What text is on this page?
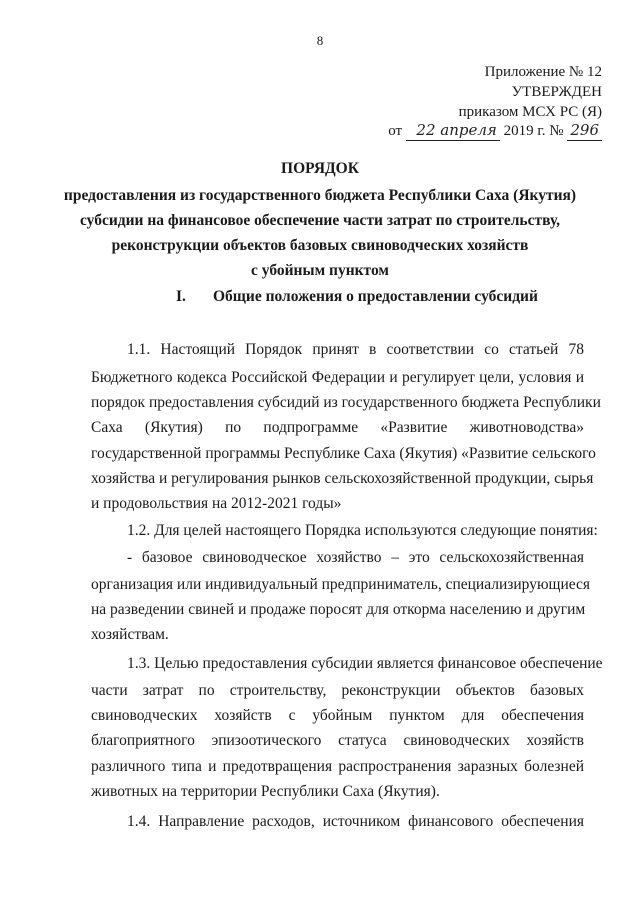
8
Приложение № 12
УТВЕРЖДЕН
приказом МСХ РС (Я)
от 22 апреля 2019 г. № 296
ПОРЯДОК
предоставления из государственного бюджета Республики Саха (Якутия)
субсидии на финансовое обеспечение части затрат по строительству,
реконструкции объектов базовых свиноводческих хозяйств
с убойным пунктом
I. Общие положения о предоставлении субсидий
1.1. Настоящий Порядок принят в соответствии со статьей 78
Бюджетного кодекса Российской Федерации и регулирует цели, условия и
порядок предоставления субсидий из государственного бюджета Республики
Саха (Якутия) по подпрограмме «Развитие животноводства»
государственной программы Республике Саха (Якутия) «Развитие сельского
хозяйства и регулирования рынков сельскохозяйственной продукции, сырья
и продовольствия на 2012-2021 годы»
1.2. Для целей настоящего Порядка используются следующие понятия:
- базовое свиноводческое хозяйство – это сельскохозяйственная
организация или индивидуальный предприниматель, специализирующиеся
на разведении свиней и продаже поросят для откорма населению и другим
хозяйствам.
1.3. Целью предоставления субсидии является финансовое обеспечение
части затрат по строительству, реконструкции объектов базовых
свиноводческих хозяйств с убойным пунктом для обеспечения
благоприятного эпизоотического статуса свиноводческих хозяйств
различного типа и предотвращения распространения заразных болезней
животных на территории Республики Саха (Якутия).
1.4. Направление расходов, источником финансового обеспечения
